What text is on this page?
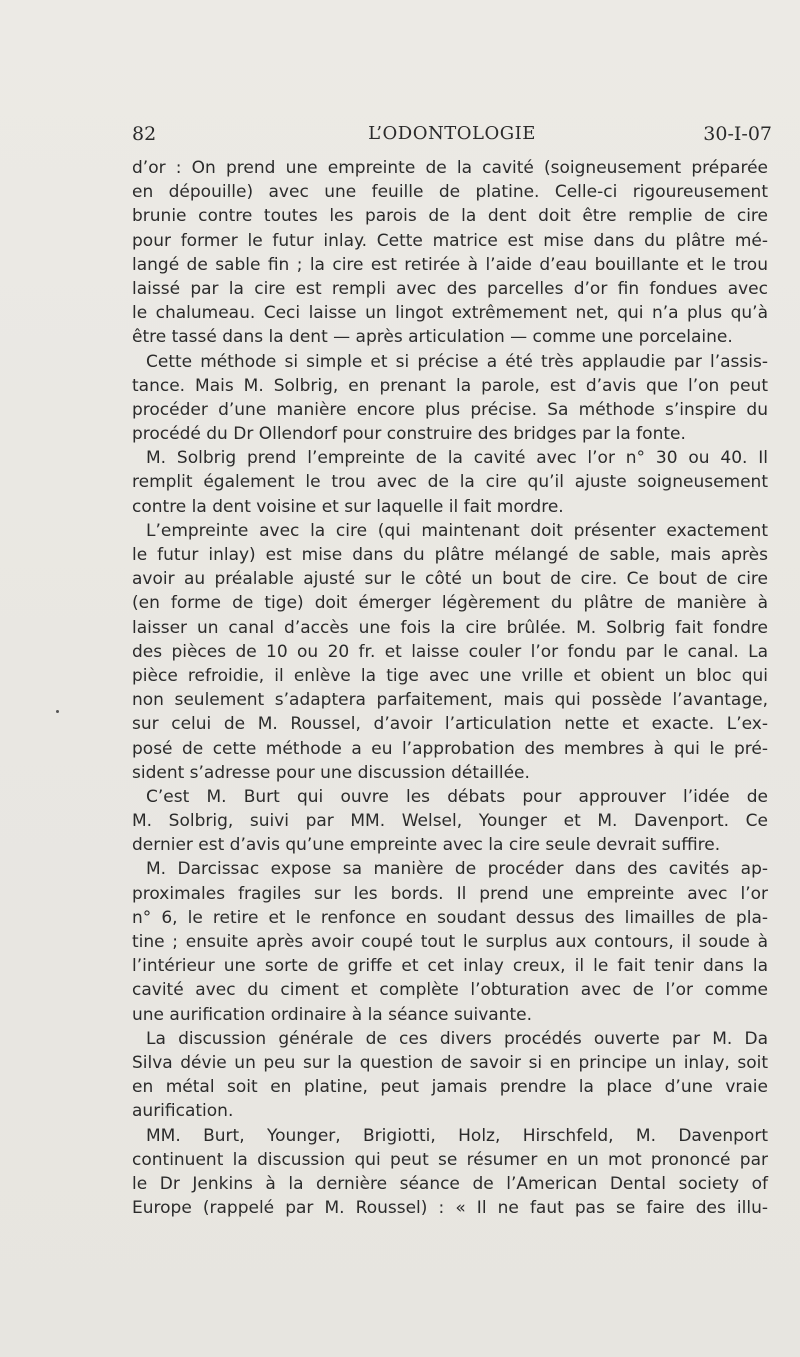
82	L’ODONTOLOGIE	30-I-07
d’or : On prend une empreinte de la cavité (soigneusement préparée
en dépouille) avec une feuille de platine. Celle-ci rigoureusement
brunie contre toutes les parois de la dent doit être remplie de cire
pour former le futur inlay. Cette matrice est mise dans du plâtre mé-
langé de sable fin ; la cire est retirée à l’aide d’eau bouillante et le trou
laissé par la cire est rempli avec des parcelles d’or fin fondues avec
le chalumeau. Ceci laisse un lingot extrêmement net, qui n’a plus qu’à
être tassé dans la dent — après articulation — comme une porcelaine.
Cette méthode si simple et si précise a été très applaudie par l’assis-
tance. Mais M. Solbrig, en prenant la parole, est d’avis que l’on peut
procéder d’une manière encore plus précise. Sa méthode s’inspire du
procédé du Dr Ollendorf pour construire des bridges par la fonte.
M. Solbrig prend l’empreinte de la cavité avec l’or n° 30 ou 40. Il
remplit également le trou avec de la cire qu’il ajuste soigneusement
contre la dent voisine et sur laquelle il fait mordre.
L’empreinte avec la cire (qui maintenant doit présenter exactement
le futur inlay) est mise dans du plâtre mélangé de sable, mais après
avoir au préalable ajusté sur le côté un bout de cire. Ce bout de cire
(en forme de tige) doit émerger légèrement du plâtre de manière à
laisser un canal d’accès une fois la cire brûlée. M. Solbrig fait fondre
des pièces de 10 ou 20 fr. et laisse couler l’or fondu par le canal. La
pièce refroidie, il enlève la tige avec une vrille et obient un bloc qui
non seulement s’adaptera parfaitement, mais qui possède l’avantage,
sur celui de M. Roussel, d’avoir l’articulation nette et exacte. L’ex-
posé de cette méthode a eu l’approbation des membres à qui le pré-
sident s’adresse pour une discussion détaillée.
C’est M. Burt qui ouvre les débats pour approuver l’idée de
M. Solbrig, suivi par MM. Welsel, Younger et M. Davenport. Ce
dernier est d’avis qu’une empreinte avec la cire seule devrait suffire.
M. Darcissac expose sa manière de procéder dans des cavités ap-
proximales fragiles sur les bords. Il prend une empreinte avec l’or
n° 6, le retire et le renfonce en soudant dessus des limailles de pla-
tine ; ensuite après avoir coupé tout le surplus aux contours, il soude à
l’intérieur une sorte de griffe et cet inlay creux, il le fait tenir dans la
cavité avec du ciment et complète l’obturation avec de l’or comme
une aurification ordinaire à la séance suivante.
La discussion générale de ces divers procédés ouverte par M. Da
Silva dévie un peu sur la question de savoir si en principe un inlay, soit
en métal soit en platine, peut jamais prendre la place d’une vraie
aurification.
MM. Burt, Younger, Brigiotti, Holz, Hirschfeld, M. Davenport
continuent la discussion qui peut se résumer en un mot prononcé par
le Dr Jenkins à la dernière séance de l’American Dental society of
Europe (rappelé par M. Roussel) : « Il ne faut pas se faire des illu-
